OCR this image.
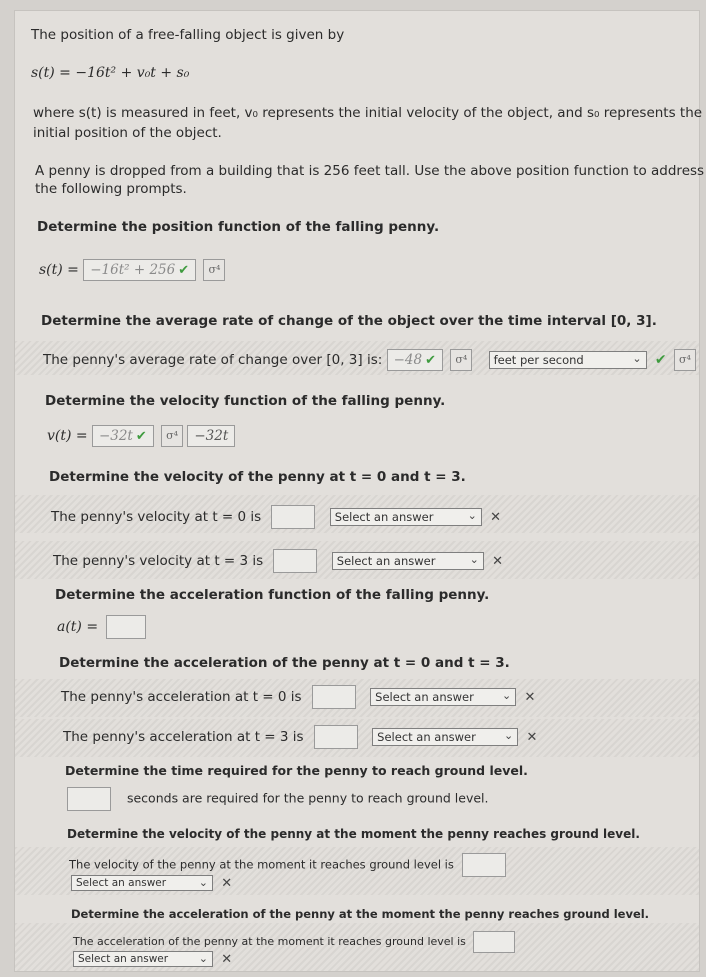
The position of a free-falling object is given by
s(t) = −16t² + v₀t + s₀
where s(t) is measured in feet, v₀ represents the initial velocity of the object, and s₀ represents the
initial position of the object.
A penny is dropped from a building that is 256 feet tall. Use the above position function to address
the following prompts.
Determine the position function of the falling penny.
s(t) = −16t² + 256 ✔ σ⁴
Determine the average rate of change of the object over the time interval [0, 3].
The penny's average rate of change over [0, 3] is: −48 ✔ σ⁴ feet per second	⌄ ✔ σ⁴
Determine the velocity function of the falling penny.
v(t) = −32t ✔ σ⁴ −32t
Determine the velocity of the penny at t = 0 and t = 3.
The penny's velocity at t = 0 is	Select an answer	⌄ ✕
The penny's velocity at t = 3 is	Select an answer	⌄ ✕
Determine the acceleration function of the falling penny.
a(t) =
Determine the acceleration of the penny at t = 0 and t = 3.
The penny's acceleration at t = 0 is	Select an answer	⌄ ✕
The penny's acceleration at t = 3 is	Select an answer	⌄ ✕
Determine the time required for the penny to reach ground level.
seconds are required for the penny to reach ground level.
Determine the velocity of the penny at the moment the penny reaches ground level.
The velocity of the penny at the moment it reaches ground level is
Select an answer	⌄ ✕
Determine the acceleration of the penny at the moment the penny reaches ground level.
The acceleration of the penny at the moment it reaches ground level is
Select an answer	⌄ ✕
